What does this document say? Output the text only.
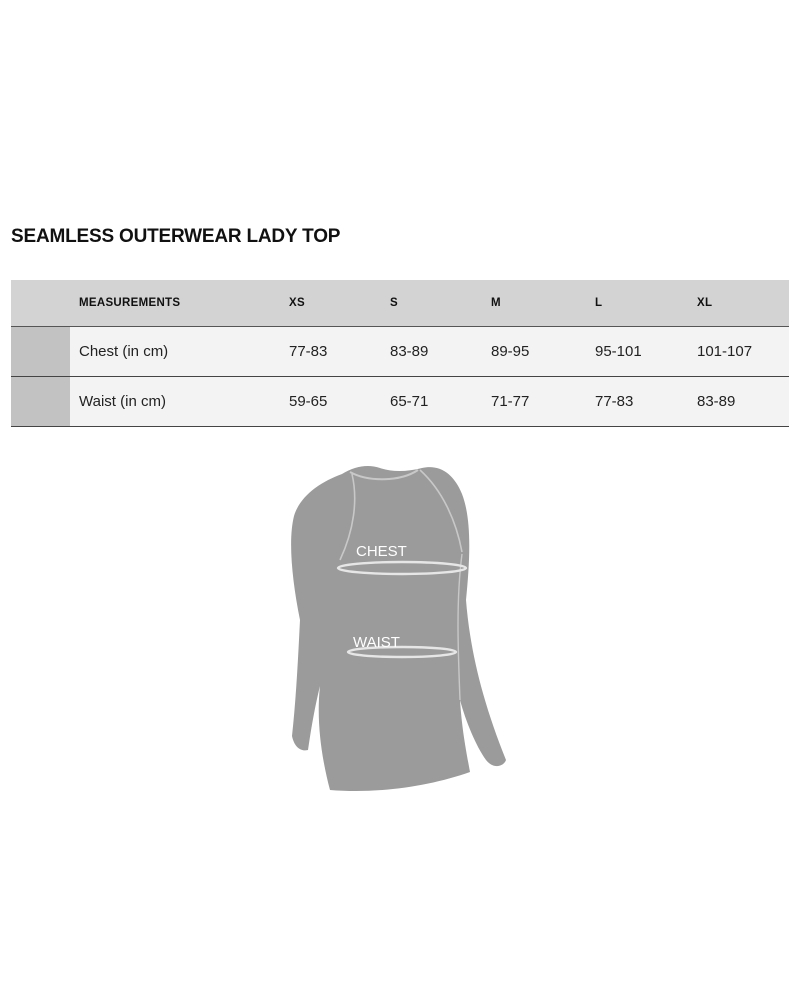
SEAMLESS OUTERWEAR LADY TOP
	MEASUREMENTS	XS	S	M	L	XL
	Chest (in cm)	77-83	83-89	89-95	95-101	101-107
	Waist (in cm)	59-65	65-71	71-77	77-83	83-89
CHEST
WAIST
